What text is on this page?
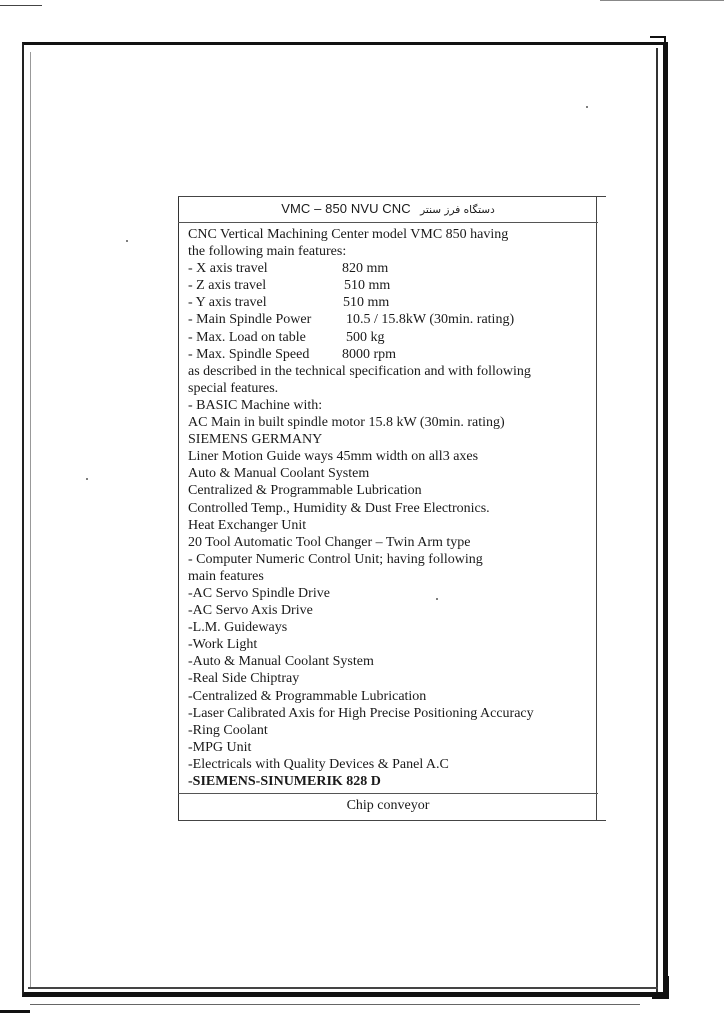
VMC – 850 NVU CNC دستگاه فرز سنتر
CNC Vertical Machining Center model VMC 850 having
the following main features:
- X axis travel	820 mm
- Z axis travel	510 mm
- Y axis travel	510 mm
- Main Spindle Power 10.5 / 15.8kW (30min. rating)
- Max. Load on table	500 kg
- Max. Spindle Speed 8000 rpm
as described in the technical specification and with following
special features.
- BASIC Machine with:
AC Main in built spindle motor 15.8 kW (30min. rating)
SIEMENS GERMANY
Liner Motion Guide ways 45mm width on all3 axes
Auto & Manual Coolant System
Centralized & Programmable Lubrication
Controlled Temp., Humidity & Dust Free Electronics.
Heat Exchanger Unit
20 Tool Automatic Tool Changer – Twin Arm type
- Computer Numeric Control Unit; having following
main features
-AC Servo Spindle Drive
-AC Servo Axis Drive
-L.M. Guideways
-Work Light
-Auto & Manual Coolant System
-Real Side Chiptray
-Centralized & Programmable Lubrication
-Laser Calibrated Axis for High Precise Positioning Accuracy
-Ring Coolant
-MPG Unit
-Electricals with Quality Devices & Panel A.C
-SIEMENS-SINUMERIK 828 D
Chip conveyor
